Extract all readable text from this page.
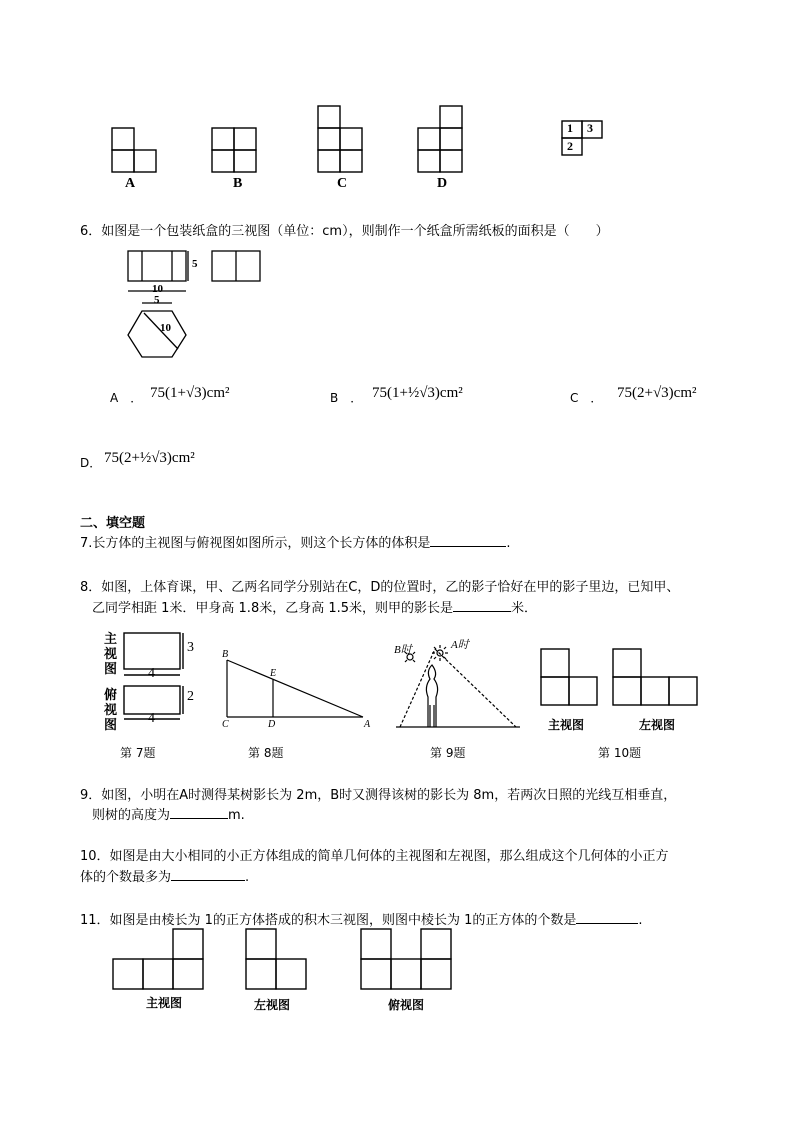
A	B	C	D
1 3
2
6．如图是一个包装纸盒的三视图（单位：cm），则制作一个纸盒所需纸板的面积是（　　）
5
10
5
10
A　． 75(1+√3)cm²	B　． 75(1+½√3)cm²	C　． 75(2+√3)cm²
D． 75(2+½√3)cm²
二、填空题
7.长方体的主视图与俯视图如图所示，则这个长方体的体积是	.
8．如图，上体育课，甲、乙两名同学分别站在C，D的位置时，乙的影子恰好在甲的影子里边，已知甲、
乙同学相距 1米．甲身高 1.8米，乙身高 1.5米，则甲的影长是	米．
主
视
图
俯
视
图
3
4
2
4
B
E
C	D	A
B时	A时
主视图	左视图
第 7题	第 8题	第 9题	第 10题
9．如图，小明在A时测得某树影长为 2m，B时又测得该树的影长为 8m，若两次日照的光线互相垂直，
则树的高度为	m.
10．如图是由大小相同的小正方体组成的简单几何体的主视图和左视图，那么组成这个几何体的小正方
体的个数最多为	.
11．如图是由棱长为 1的正方体搭成的积木三视图，则图中棱长为 1的正方体的个数是	.
主视图	左视图	俯视图
